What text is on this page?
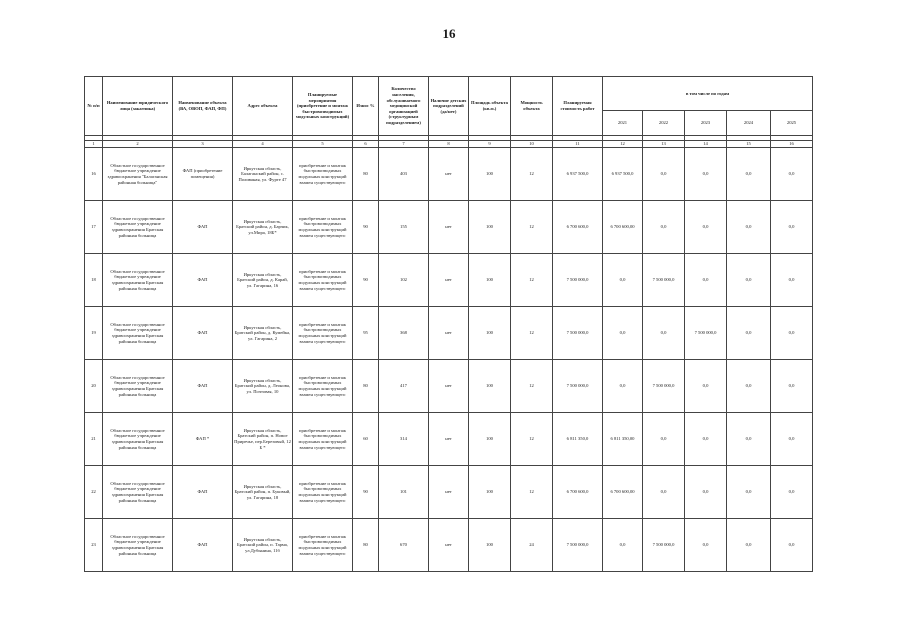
16
№ п/п	Наименование юридического лица (заказчика)	Наименование объекта (ВА, ОВОП, ФАП, ФП)	Адрес объекта	Планируемые мероприятия (приобретение и монтаж быстровозводимых модульных конструкций)	Износ %	Количество населения, обслуживаемого медицинской организацией (структурным подразделением)	Наличие детских подразделений (да/нет)	Площадь объекта (кв.м.)	Мощность объекта	Планируемая стоимость работ	в том числе по годам				
											2021	2022	2023	2024	2025

1	2	3	4	5	6	7	8	9	10	11	12	13	14	15	16
16	Областное государственное бюджетное учреждение здравоохранения "Балаганская районная больница"	ФАП (приобретение помещения)	Иркутская область, Балаганский район, с. Поливаная, ул. Фурте 47	приобретение и монтаж быстровозводимых модульных конструкций взамен существующего	80	403	нет	100	12	6 937 500,0	6 937 500,0	0,0	0,0	0,0	0,0
17	Областное государственное бюджетное учреждение здравоохранения Братская районная больница	ФАП	Иркутская область, Братский район, д. Барчик, ул.Мира, 18Б*	приобретение и монтаж быстровозводимых модульных конструкций взамен существующего	90	155	нет	100	12	6 700 600,0	6 700 600,00	0,0	0,0	0,0	0,0
18	Областное государственное бюджетное учреждение здравоохранения Братская районная больница	ФАП	Иркутская область, Братский район, д. Карай, ул. Гагарина, 16	приобретение и монтаж быстровозводимых модульных конструкций взамен существующего	90	102	нет	100	12	7 500 000,0	0,0	7 500 000,0	0,0	0,0	0,0
19	Областное государственное бюджетное учреждение здравоохранения Братская районная больница	ФАП	Иркутская область, Братский район, д. Кумейка, ул. Гагарина, 2	приобретение и монтаж быстровозводимых модульных конструкций взамен существующего	95	368	нет	100	12	7 500 000,0	0,0	0,0	7 500 000,0	0,0	0,0
20	Областное государственное бюджетное учреждение здравоохранения Братская районная больница	ФАП	Иркутская область, Братский район, д. Леонова, ул. Почтовая, 10	приобретение и монтаж быстровозводимых модульных конструкций взамен существующего	80	417	нет	100	12	7 500 000,0	0,0	7 500 000,0	0,0	0,0	0,0
21	Областное государственное бюджетное учреждение здравоохранения Братская районная больница	ФАП *	Иркутская область, Братский район, п. Новое Приречье, пер.Березовый, 12 Б *	приобретение и монтаж быстровозводимых модульных конструкций взамен существующего	60	314	нет	100	12	6 811 350,0	6 811 350,00	0,0	0,0	0,0	0,0
22	Областное государственное бюджетное учреждение здравоохранения Братская районная больница	ФАП	Иркутская область, Братский район, п. Буковый, ул. Гагарина, 18	приобретение и монтаж быстровозводимых модульных конструкций взамен существующего	90	101	нет	100	12	6 700 600,0	6 700 600,00	0,0	0,0	0,0	0,0
23	Областное государственное бюджетное учреждение здравоохранения Братская районная больница	ФАП	Иркутская область, Братский район, п. Тарма, ул.Дубынина, 11б	приобретение и монтаж быстровозводимых модульных конструкций взамен существующего	80	670	нет	100	24	7 500 000,0	0,0	7 500 000,0	0,0	0,0	0,0
